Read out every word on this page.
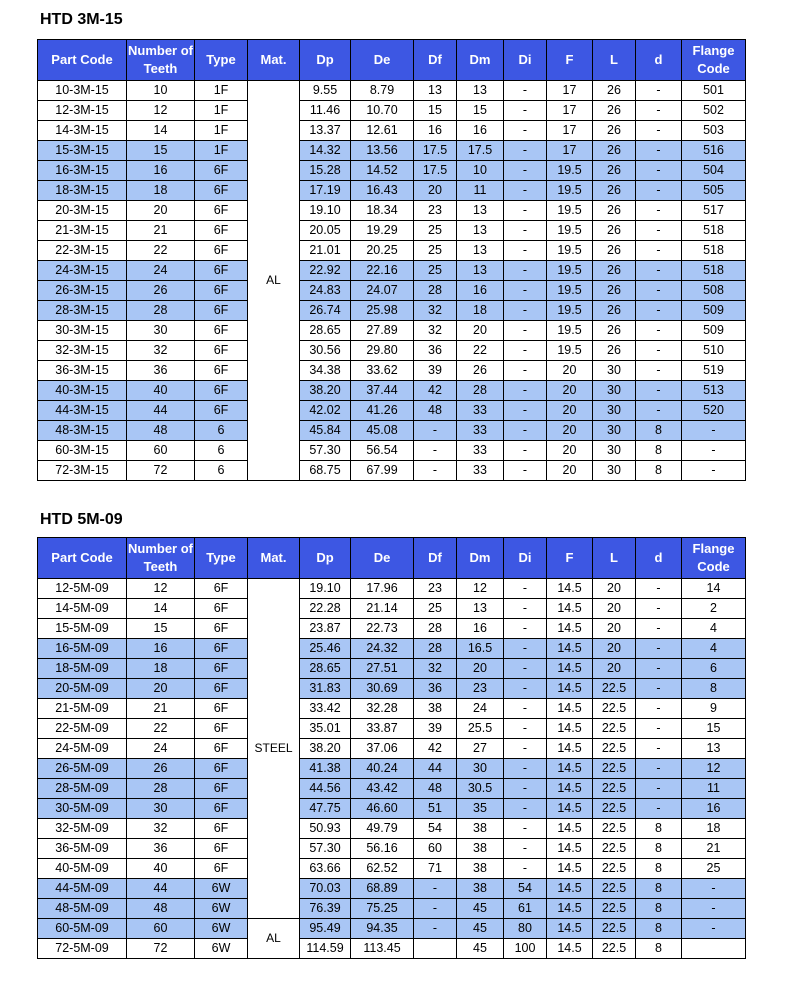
HTD 3M-15
Part Code	Number of Teeth	Type	Mat.	Dp	De	Df	Dm	Di	F	L	d	Flange Code
10-3M-15	10	1F	AL	9.55	8.79	13	13	-	17	26	-	501
12-3M-15	12	1F		11.46	10.70	15	15	-	17	26	-	502
14-3M-15	14	1F		13.37	12.61	16	16	-	17	26	-	503
15-3M-15	15	1F		14.32	13.56	17.5	17.5	-	17	26	-	516
16-3M-15	16	6F		15.28	14.52	17.5	10	-	19.5	26	-	504
18-3M-15	18	6F		17.19	16.43	20	11	-	19.5	26	-	505
20-3M-15	20	6F		19.10	18.34	23	13	-	19.5	26	-	517
21-3M-15	21	6F		20.05	19.29	25	13	-	19.5	26	-	518
22-3M-15	22	6F		21.01	20.25	25	13	-	19.5	26	-	518
24-3M-15	24	6F		22.92	22.16	25	13	-	19.5	26	-	518
26-3M-15	26	6F		24.83	24.07	28	16	-	19.5	26	-	508
28-3M-15	28	6F		26.74	25.98	32	18	-	19.5	26	-	509
30-3M-15	30	6F		28.65	27.89	32	20	-	19.5	26	-	509
32-3M-15	32	6F		30.56	29.80	36	22	-	19.5	26	-	510
36-3M-15	36	6F		34.38	33.62	39	26	-	20	30	-	519
40-3M-15	40	6F		38.20	37.44	42	28	-	20	30	-	513
44-3M-15	44	6F		42.02	41.26	48	33	-	20	30	-	520
48-3M-15	48	6		45.84	45.08	-	33	-	20	30	8	-
60-3M-15	60	6		57.30	56.54	-	33	-	20	30	8	-
72-3M-15	72	6		68.75	67.99	-	33	-	20	30	8	-
HTD 5M-09
Part Code	Number of Teeth	Type	Mat.	Dp	De	Df	Dm	Di	F	L	d	Flange Code
12-5M-09	12	6F	STEEL	19.10	17.96	23	12	-	14.5	20	-	14
14-5M-09	14	6F		22.28	21.14	25	13	-	14.5	20	-	2
15-5M-09	15	6F		23.87	22.73	28	16	-	14.5	20	-	4
16-5M-09	16	6F		25.46	24.32	28	16.5	-	14.5	20	-	4
18-5M-09	18	6F		28.65	27.51	32	20	-	14.5	20	-	6
20-5M-09	20	6F		31.83	30.69	36	23	-	14.5	22.5	-	8
21-5M-09	21	6F		33.42	32.28	38	24	-	14.5	22.5	-	9
22-5M-09	22	6F		35.01	33.87	39	25.5	-	14.5	22.5	-	15
24-5M-09	24	6F		38.20	37.06	42	27	-	14.5	22.5	-	13
26-5M-09	26	6F		41.38	40.24	44	30	-	14.5	22.5	-	12
28-5M-09	28	6F		44.56	43.42	48	30.5	-	14.5	22.5	-	11
30-5M-09	30	6F		47.75	46.60	51	35	-	14.5	22.5	-	16
32-5M-09	32	6F		50.93	49.79	54	38	-	14.5	22.5	8	18
36-5M-09	36	6F		57.30	56.16	60	38	-	14.5	22.5	8	21
40-5M-09	40	6F		63.66	62.52	71	38	-	14.5	22.5	8	25
44-5M-09	44	6W		70.03	68.89	-	38	54	14.5	22.5	8	-
48-5M-09	48	6W		76.39	75.25	-	45	61	14.5	22.5	8	-
60-5M-09	60	6W	AL	95.49	94.35	-	45	80	14.5	22.5	8	-
72-5M-09	72	6W		114.59	113.45		45	100	14.5	22.5	8	
